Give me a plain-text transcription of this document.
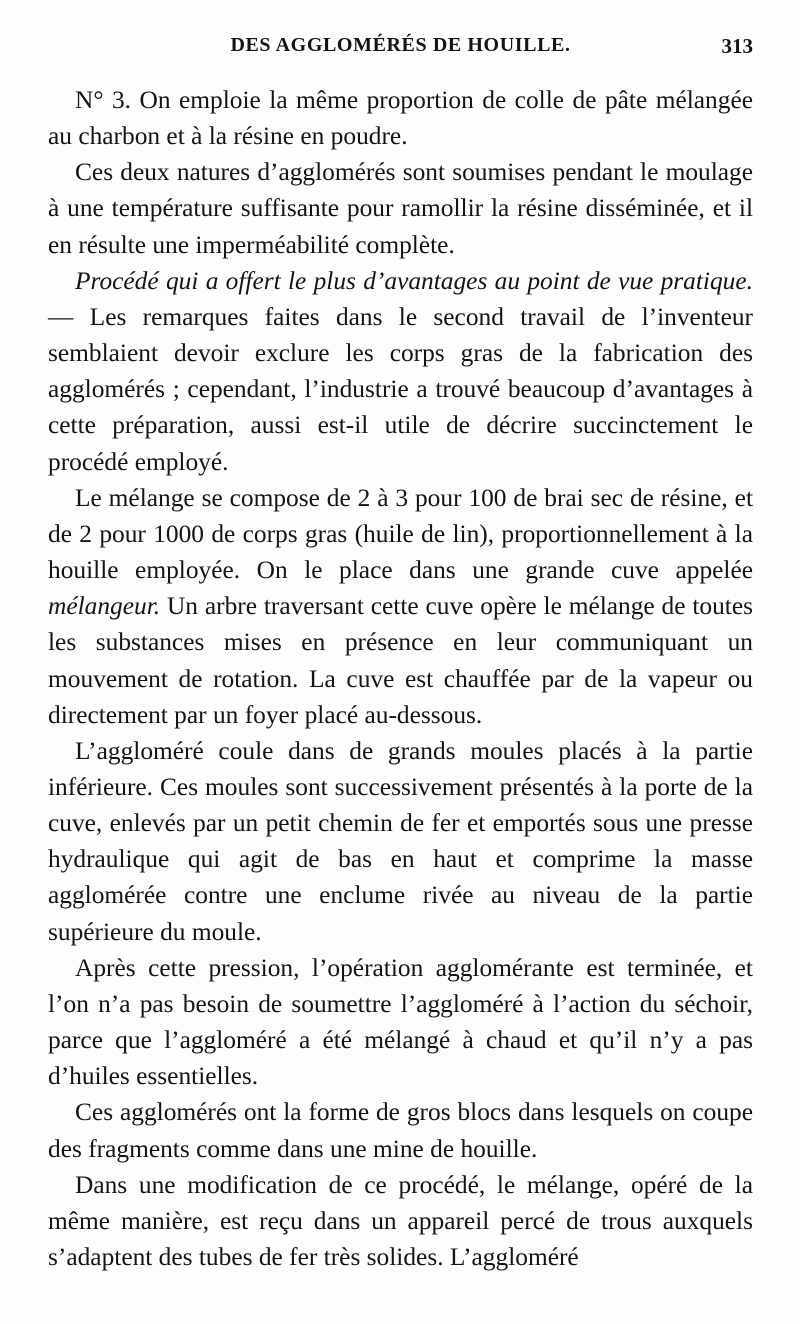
DES AGGLOMÉRÉS DE HOUILLE.	313

N° 3. On emploie la même proportion de colle de pâte mélangée au charbon et à la résine en poudre.

Ces deux natures d’agglomérés sont soumises pendant le moulage à une température suffisante pour ramollir la résine disséminée, et il en résulte une imperméabilité complète.

Procédé qui a offert le plus d’avantages au point de vue pratique. — Les remarques faites dans le second travail de l’inventeur semblaient devoir exclure les corps gras de la fabrication des agglomérés ; cependant, l’industrie a trouvé beaucoup d’avantages à cette préparation, aussi est-il utile de décrire succinctement le procédé employé.

Le mélange se compose de 2 à 3 pour 100 de brai sec de résine, et de 2 pour 1000 de corps gras (huile de lin), proportionnellement à la houille employée. On le place dans une grande cuve appelée mélangeur. Un arbre traversant cette cuve opère le mélange de toutes les substances mises en présence en leur communiquant un mouvement de rotation. La cuve est chauffée par de la vapeur ou directement par un foyer placé au-dessous.

L’aggloméré coule dans de grands moules placés à la partie inférieure. Ces moules sont successivement présentés à la porte de la cuve, enlevés par un petit chemin de fer et emportés sous une presse hydraulique qui agit de bas en haut et comprime la masse agglomérée contre une enclume rivée au niveau de la partie supérieure du moule.

Après cette pression, l’opération agglomérante est terminée, et l’on n’a pas besoin de soumettre l’aggloméré à l’action du séchoir, parce que l’aggloméré a été mélangé à chaud et qu’il n’y a pas d’huiles essentielles.

Ces agglomérés ont la forme de gros blocs dans lesquels on coupe des fragments comme dans une mine de houille.

Dans une modification de ce procédé, le mélange, opéré de la même manière, est reçu dans un appareil percé de trous auxquels s’adaptent des tubes de fer très solides. L’aggloméré
